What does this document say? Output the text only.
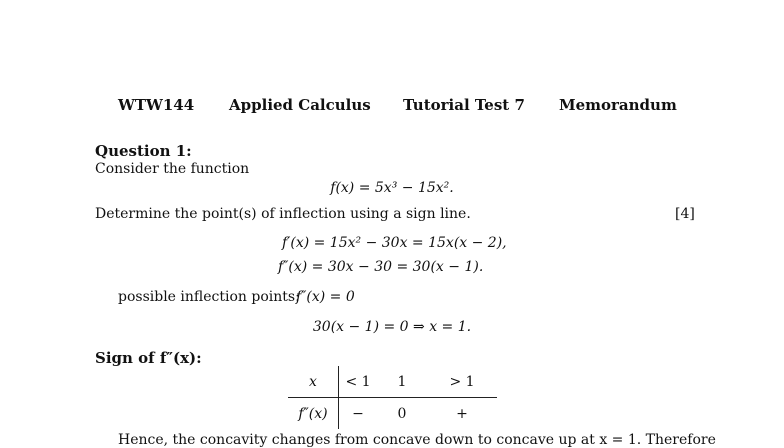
WTW144 Applied Calculus Tutorial Test 7 Memorandum
Question 1:
Consider the function
f(x) = 5x³ − 15x².
Determine the point(s) of inflection using a sign line.	[4]
f′(x) = 15x² − 30x = 15x(x − 2),
f″(x) = 30x − 30 = 30(x − 1).
possible inflection points:
f″(x) = 0
30(x − 1) = 0 ⇒ x = 1.
Sign of f″(x):
x	< 1	1	> 1
f″(x)	−	0	+
Hence, the concavity changes from concave down to concave up at x = 1. Therefore
